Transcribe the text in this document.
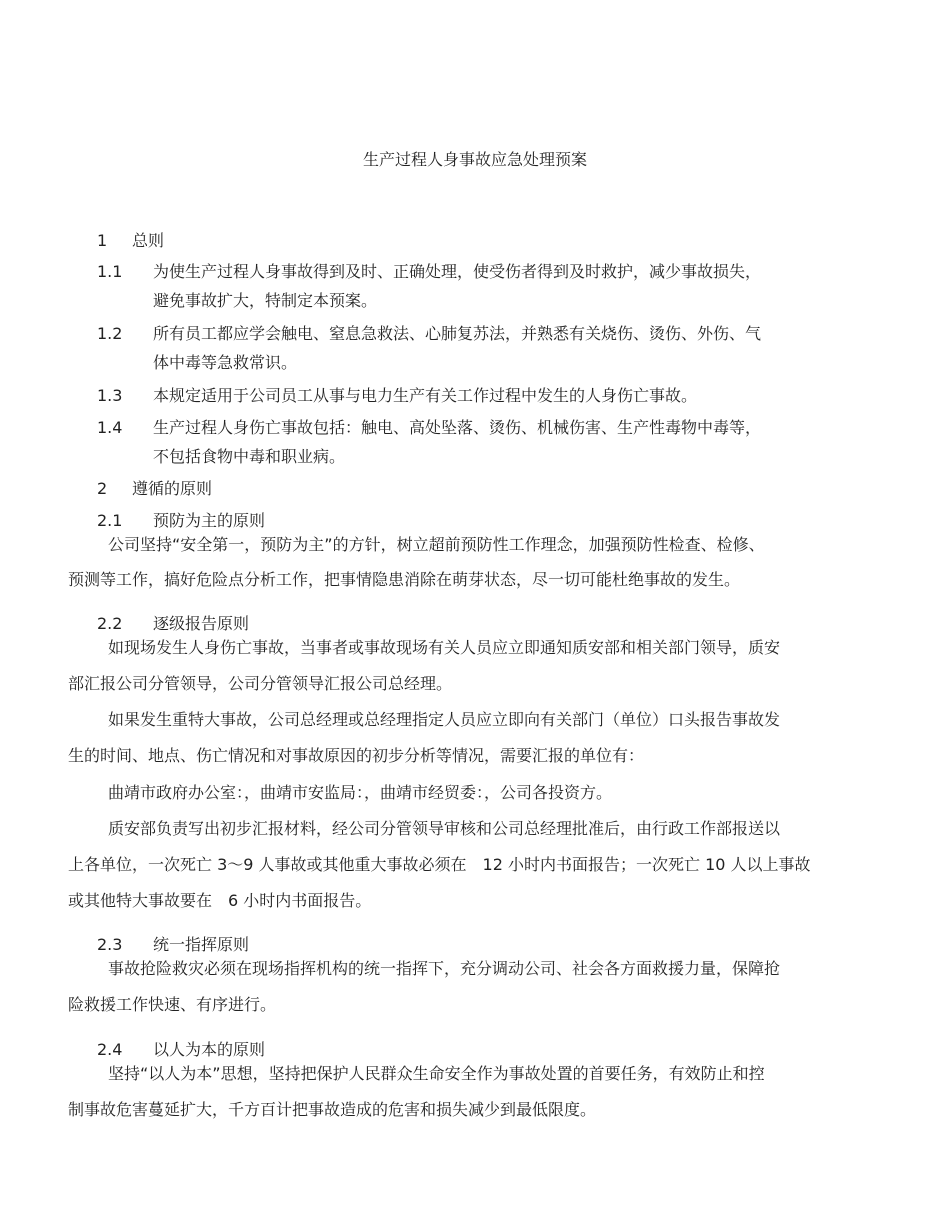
生产过程人身事故应急处理预案
1 总则
1.1 为使生产过程人身事故得到及时、正确处理，使受伤者得到及时救护，减少事故损失，
避免事故扩大，特制定本预案。
1.2 所有员工都应学会触电、窒息急救法、心肺复苏法，并熟悉有关烧伤、烫伤、外伤、气
体中毒等急救常识。
1.3 本规定适用于公司员工从事与电力生产有关工作过程中发生的人身伤亡事故。
1.4 生产过程人身伤亡事故包括：触电、高处坠落、烫伤、机械伤害、生产性毒物中毒等，
不包括食物中毒和职业病。
2 遵循的原则
2.1 预防为主的原则
公司坚持“安全第一，预防为主”的方针，树立超前预防性工作理念，加强预防性检查、检修、
预测等工作，搞好危险点分析工作，把事情隐患消除在萌芽状态，尽一切可能杜绝事故的发生。
2.2 逐级报告原则
如现场发生人身伤亡事故，当事者或事故现场有关人员应立即通知质安部和相关部门领导，质安
部汇报公司分管领导，公司分管领导汇报公司总经理。
如果发生重特大事故，公司总经理或总经理指定人员应立即向有关部门（单位）口头报告事故发
生的时间、地点、伤亡情况和对事故原因的初步分析等情况，需要汇报的单位有：
曲靖市政府办公室：，曲靖市安监局：，曲靖市经贸委：，公司各投资方。
质安部负责写出初步汇报材料，经公司分管领导审核和公司总经理批准后，由行政工作部报送以
上各单位，一次死亡 3～9 人事故或其他重大事故必须在　12 小时内书面报告；一次死亡 10 人以上事故
或其他特大事故要在　6 小时内书面报告。
2.3 统一指挥原则
事故抢险救灾必须在现场指挥机构的统一指挥下，充分调动公司、社会各方面救援力量，保障抢
险救援工作快速、有序进行。
2.4 以人为本的原则
坚持“以人为本”思想，坚持把保护人民群众生命安全作为事故处置的首要任务，有效防止和控
制事故危害蔓延扩大，千方百计把事故造成的危害和损失减少到最低限度。
